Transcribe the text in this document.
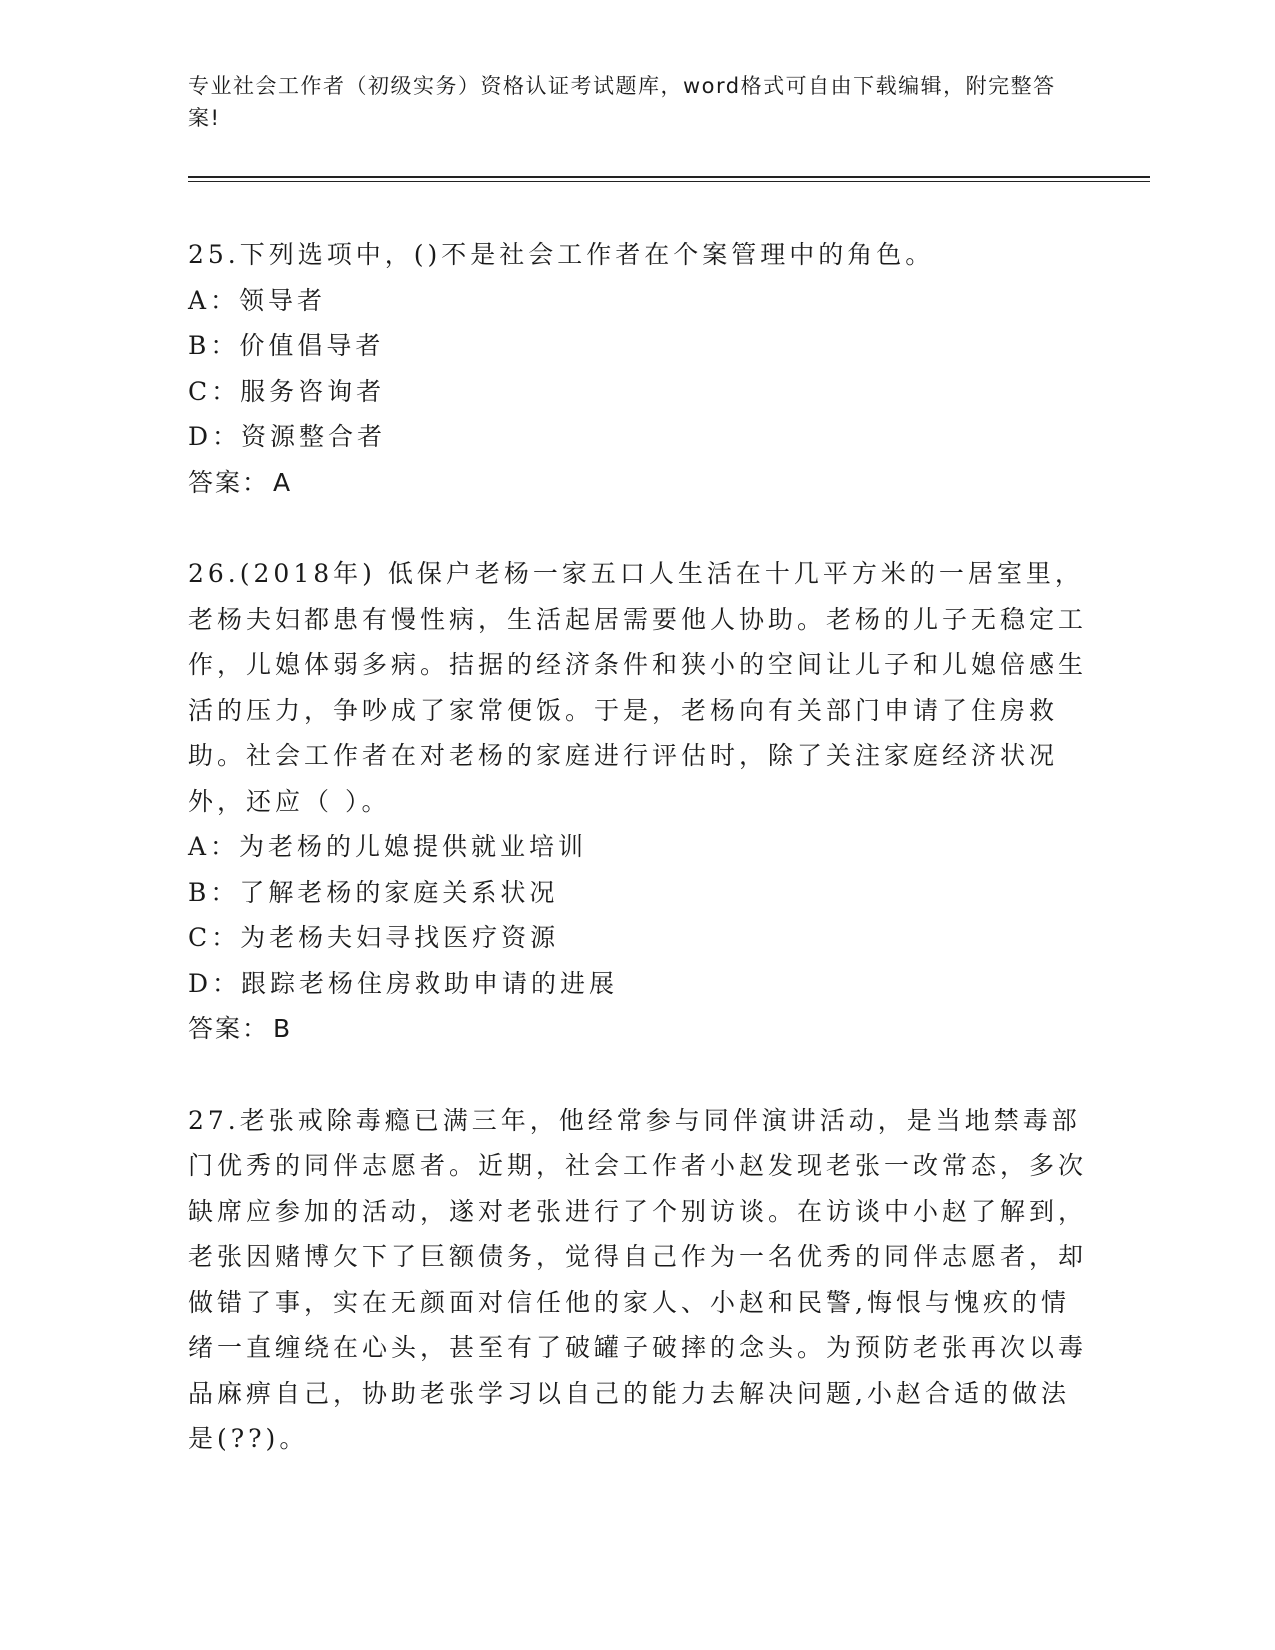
专业社会工作者（初级实务）资格认证考试题库，word格式可自由下载编辑，附完整答案!

25.下列选项中，()不是社会工作者在个案管理中的角色。

A：领导者

B：价值倡导者

C：服务咨询者

D：资源整合者

答案： A

26.(2018年) 低保户老杨一家五口人生活在十几平方米的一居室里，老杨夫妇都患有慢性病，生活起居需要他人协助。老杨的儿子无稳定工作，儿媳体弱多病。拮据的经济条件和狭小的空间让儿子和儿媳倍感生活的压力，争吵成了家常便饭。于是，老杨向有关部门申请了住房救助。社会工作者在对老杨的家庭进行评估时，除了关注家庭经济状况外，还应（ ）。

A：为老杨的儿媳提供就业培训

B：了解老杨的家庭关系状况

C：为老杨夫妇寻找医疗资源

D：跟踪老杨住房救助申请的进展

答案： B

27.老张戒除毒瘾已满三年，他经常参与同伴演讲活动，是当地禁毒部门优秀的同伴志愿者。近期，社会工作者小赵发现老张一改常态，多次缺席应参加的活动，遂对老张进行了个别访谈。在访谈中小赵了解到，老张因赌博欠下了巨额债务，觉得自己作为一名优秀的同伴志愿者，却做错了事，实在无颜面对信任他的家人、小赵和民警,悔恨与愧疚的情绪一直缠绕在心头，甚至有了破罐子破摔的念头。为预防老张再次以毒品麻痹自己，协助老张学习以自己的能力去解决问题,小赵合适的做法是(??)。
